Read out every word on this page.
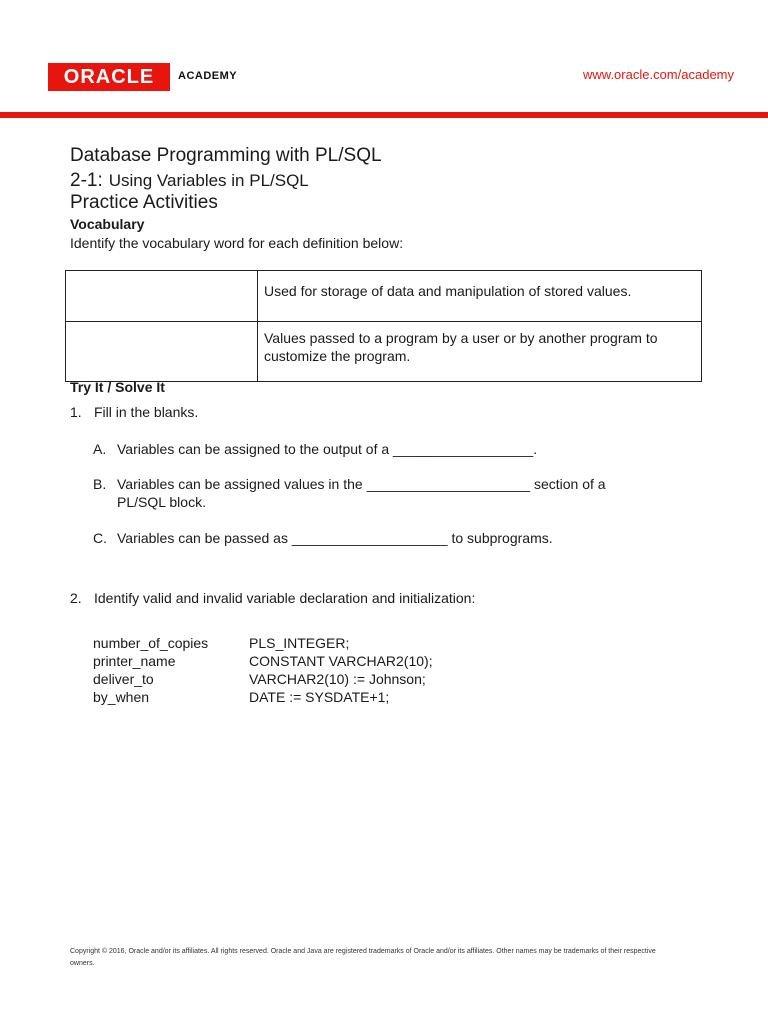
ORACLE ACADEMY	www.oracle.com/academy
Database Programming with PL/SQL
2-1: Using Variables in PL/SQL
Practice Activities
Vocabulary
Identify the vocabulary word for each definition below:
	Used for storage of data and manipulation of stored values.
	Values passed to a program by a user or by another program to customize the program.
Try It / Solve It
1. Fill in the blanks.
A. Variables can be assigned to the output of a __________________.
B. Variables can be assigned values in the _____________________ section of a
PL/SQL block.
C. Variables can be passed as ____________________ to subprograms.
2. Identify valid and invalid variable declaration and initialization:
number_of_copies	PLS_INTEGER;
printer_name	CONSTANT VARCHAR2(10);
deliver_to	VARCHAR2(10) := Johnson;
by_when	DATE := SYSDATE+1;
Copyright © 2016, Oracle and/or its affiliates. All rights reserved. Oracle and Java are registered trademarks of Oracle and/or its affiliates. Other names may be trademarks of their respective owners.
